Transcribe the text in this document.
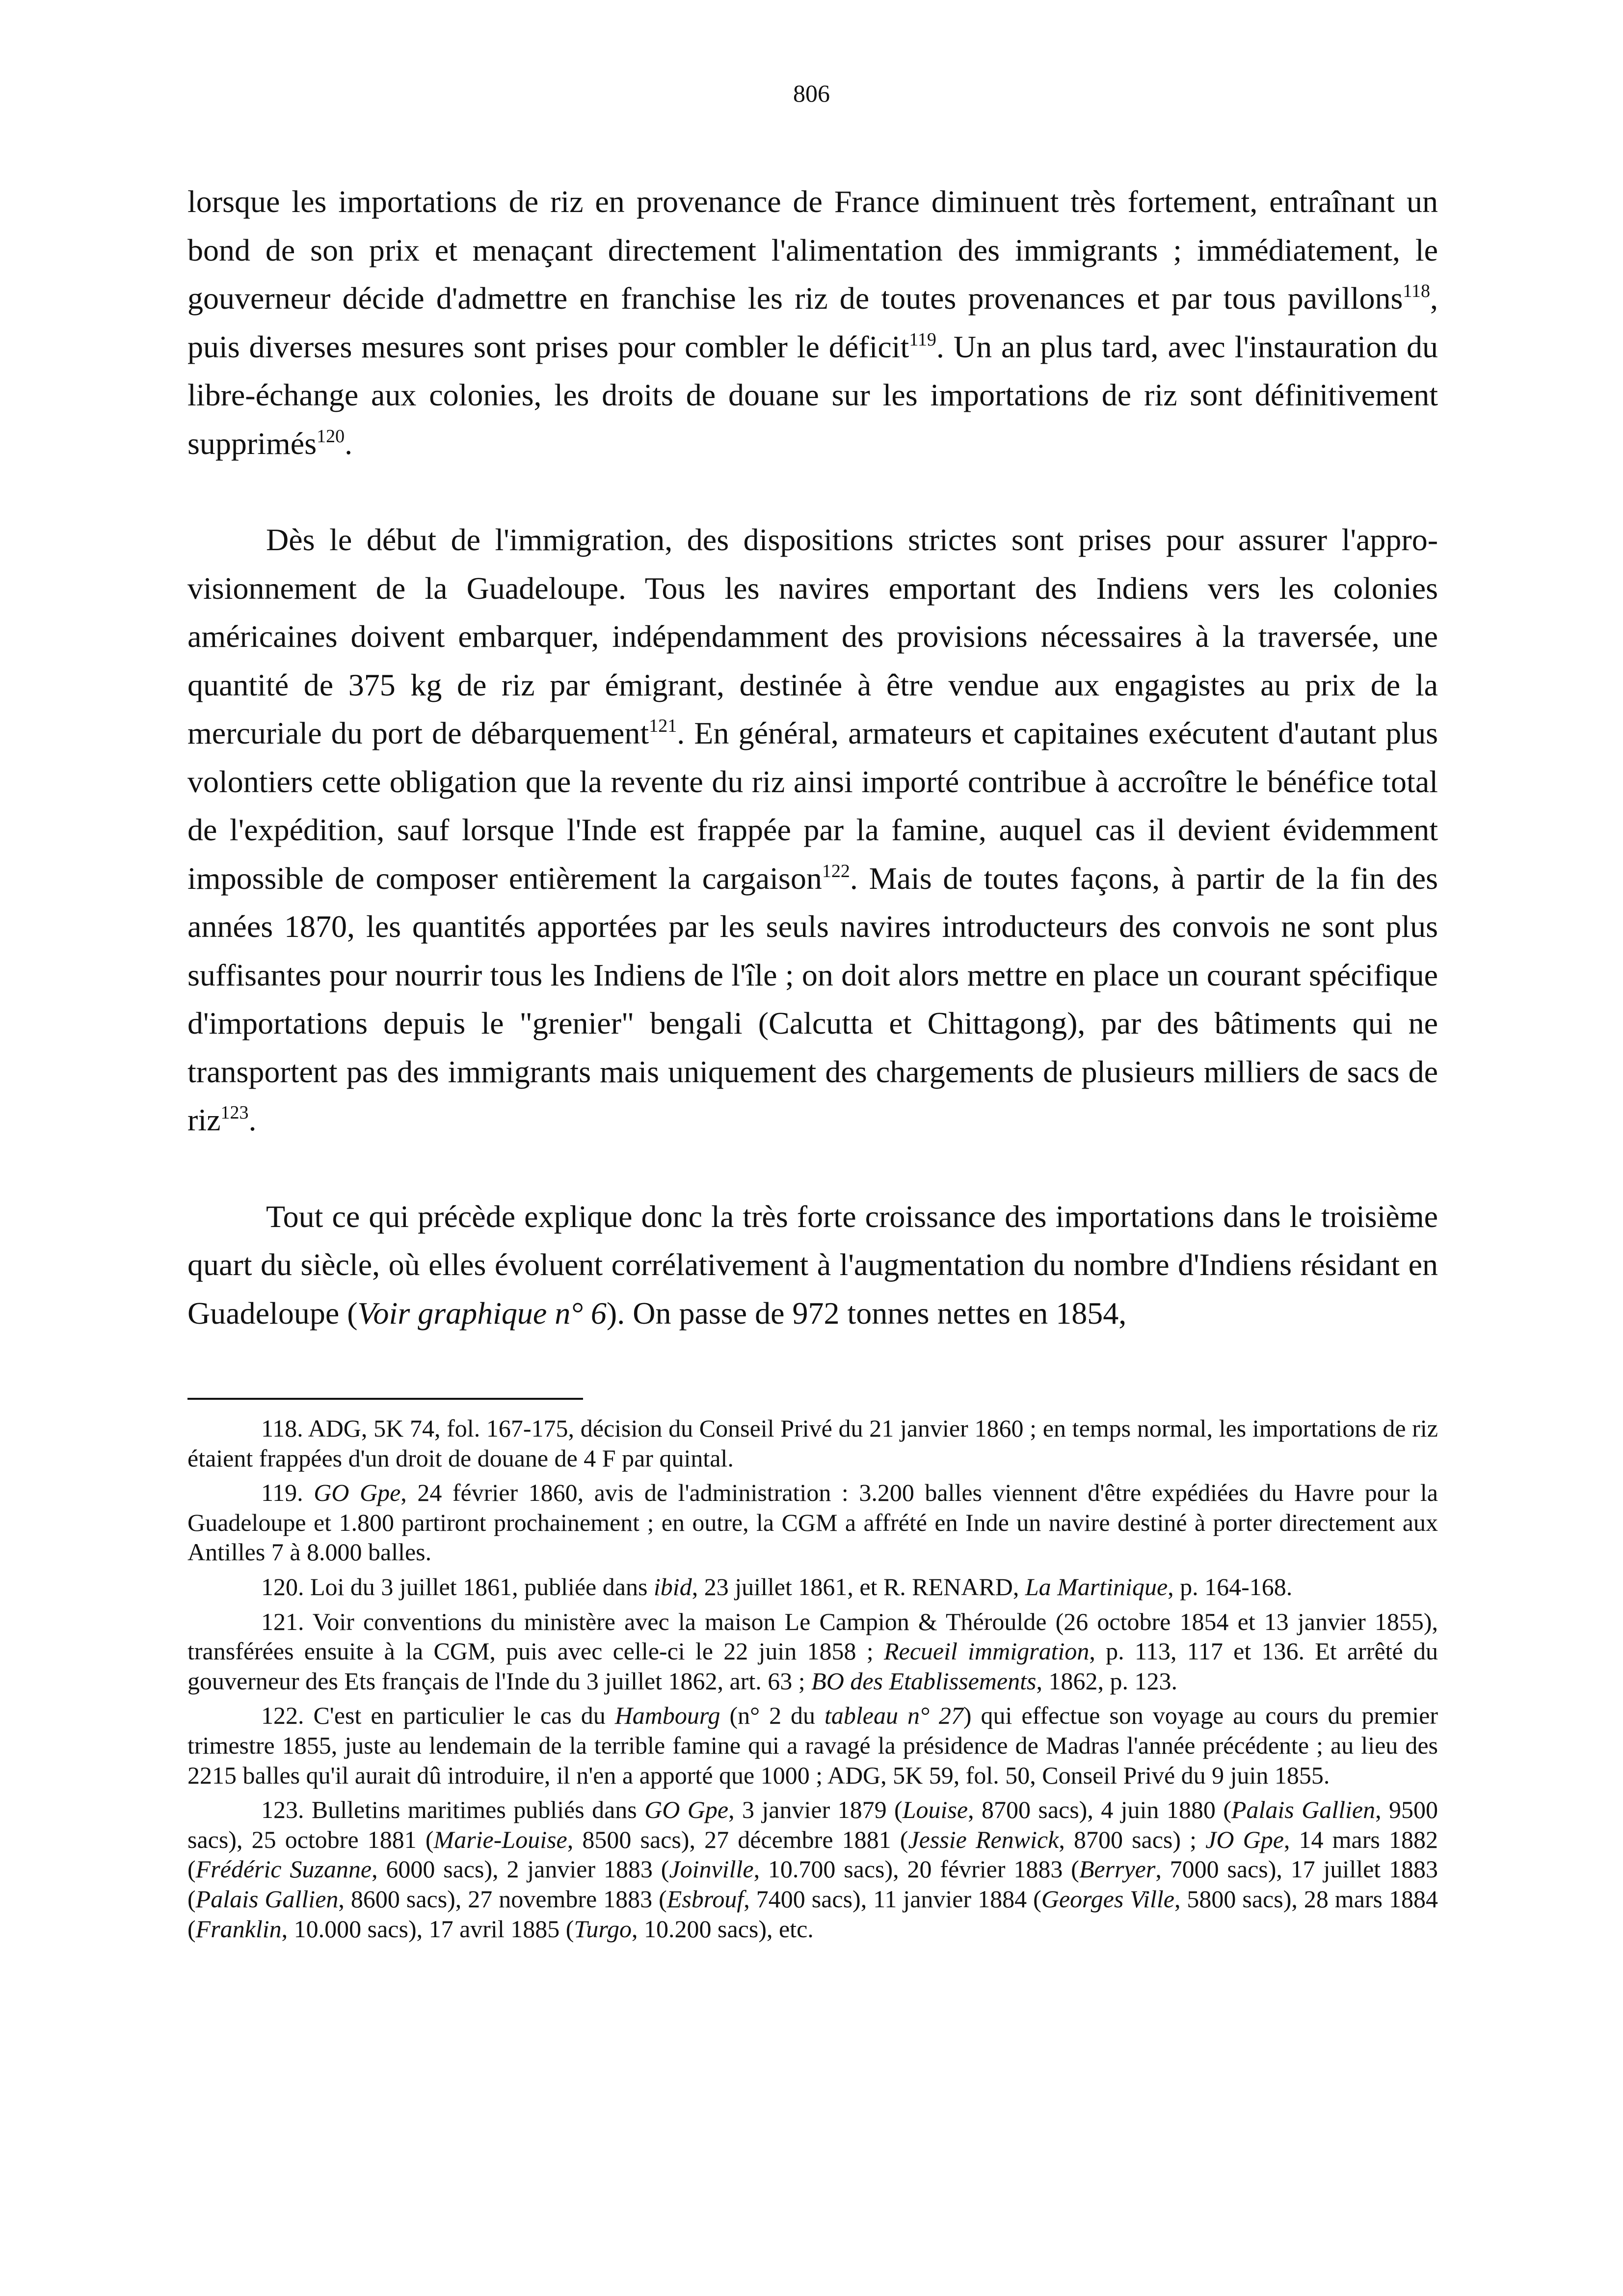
806

lorsque les importations de riz en provenance de France diminuent très fortement, entraînant un bond de son prix et menaçant directement l'alimentation des immigrants ; immédiatement, le gouverneur décide d'admettre en franchise les riz de toutes provenances et par tous pavillons$^{118}$, puis diverses mesures sont prises pour combler le déficit$^{119}$. Un an plus tard, avec l'instauration du libre-échange aux colonies, les droits de douane sur les importations de riz sont définitivement supprimés$^{120}$.

Dès le début de l'immigration, des dispositions strictes sont prises pour assurer l'approvisionnement de la Guadeloupe. Tous les navires emportant des Indiens vers les colonies américaines doivent embarquer, indépendamment des provisions nécessaires à la traversée, une quantité de 375 kg de riz par émigrant, destinée à être vendue aux engagistes au prix de la mercuriale du port de débarquement$^{121}$. En général, armateurs et capitaines exécutent d'autant plus volontiers cette obligation que la revente du riz ainsi importé contribue à accroître le bénéfice total de l'expédition, sauf lorsque l'Inde est frappée par la famine, auquel cas il devient évidemment impossible de composer entièrement la cargaison$^{122}$. Mais de toutes façons, à partir de la fin des années 1870, les quantités apportées par les seuls navires introducteurs des convois ne sont plus suffisantes pour nourrir tous les Indiens de l'île ; on doit alors mettre en place un courant spécifique d'importations depuis le "grenier" bengali (Calcutta et Chittagong), par des bâtiments qui ne transportent pas des immigrants mais uniquement des chargements de plusieurs milliers de sacs de riz$^{123}$.

Tout ce qui précède explique donc la très forte croissance des importations dans le troisième quart du siècle, où elles évoluent corrélativement à l'augmentation du nombre d'Indiens résidant en Guadeloupe (Voir graphique n° 6). On passe de 972 tonnes nettes en 1854,

118. ADG, 5K 74, fol. 167-175, décision du Conseil Privé du 21 janvier 1860 ; en temps normal, les importations de riz étaient frappées d'un droit de douane de 4 F par quintal.

119. GO Gpe, 24 février 1860, avis de l'administration : 3.200 balles viennent d'être expédiées du Havre pour la Guadeloupe et 1.800 partiront prochainement ; en outre, la CGM a affrété en Inde un navire destiné à porter directement aux Antilles 7 à 8.000 balles.

120. Loi du 3 juillet 1861, publiée dans ibid, 23 juillet 1861, et R. RENARD, La Martinique, p. 164-168.

121. Voir conventions du ministère avec la maison Le Campion & Théroulde (26 octobre 1854 et 13 janvier 1855), transférées ensuite à la CGM, puis avec celle-ci le 22 juin 1858 ; Recueil immigration, p. 113, 117 et 136. Et arrêté du gouverneur des Ets français de l'Inde du 3 juillet 1862, art. 63 ; BO des Etablissements, 1862, p. 123.

122. C'est en particulier le cas du Hambourg (n° 2 du tableau n° 27) qui effectue son voyage au cours du premier trimestre 1855, juste au lendemain de la terrible famine qui a ravagé la présidence de Madras l'année précédente ; au lieu des 2215 balles qu'il aurait dû introduire, il n'en a apporté que 1000 ; ADG, 5K 59, fol. 50, Conseil Privé du 9 juin 1855.

123. Bulletins maritimes publiés dans GO Gpe, 3 janvier 1879 (Louise, 8700 sacs), 4 juin 1880 (Palais Gallien, 9500 sacs), 25 octobre 1881 (Marie-Louise, 8500 sacs), 27 décembre 1881 (Jessie Renwick, 8700 sacs) ; JO Gpe, 14 mars 1882 (Frédéric Suzanne, 6000 sacs), 2 janvier 1883 (Joinville, 10.700 sacs), 20 février 1883 (Berryer, 7000 sacs), 17 juillet 1883 (Palais Gallien, 8600 sacs), 27 novembre 1883 (Esbrouf, 7400 sacs), 11 janvier 1884 (Georges Ville, 5800 sacs), 28 mars 1884 (Franklin, 10.000 sacs), 17 avril 1885 (Turgo, 10.200 sacs), etc.
